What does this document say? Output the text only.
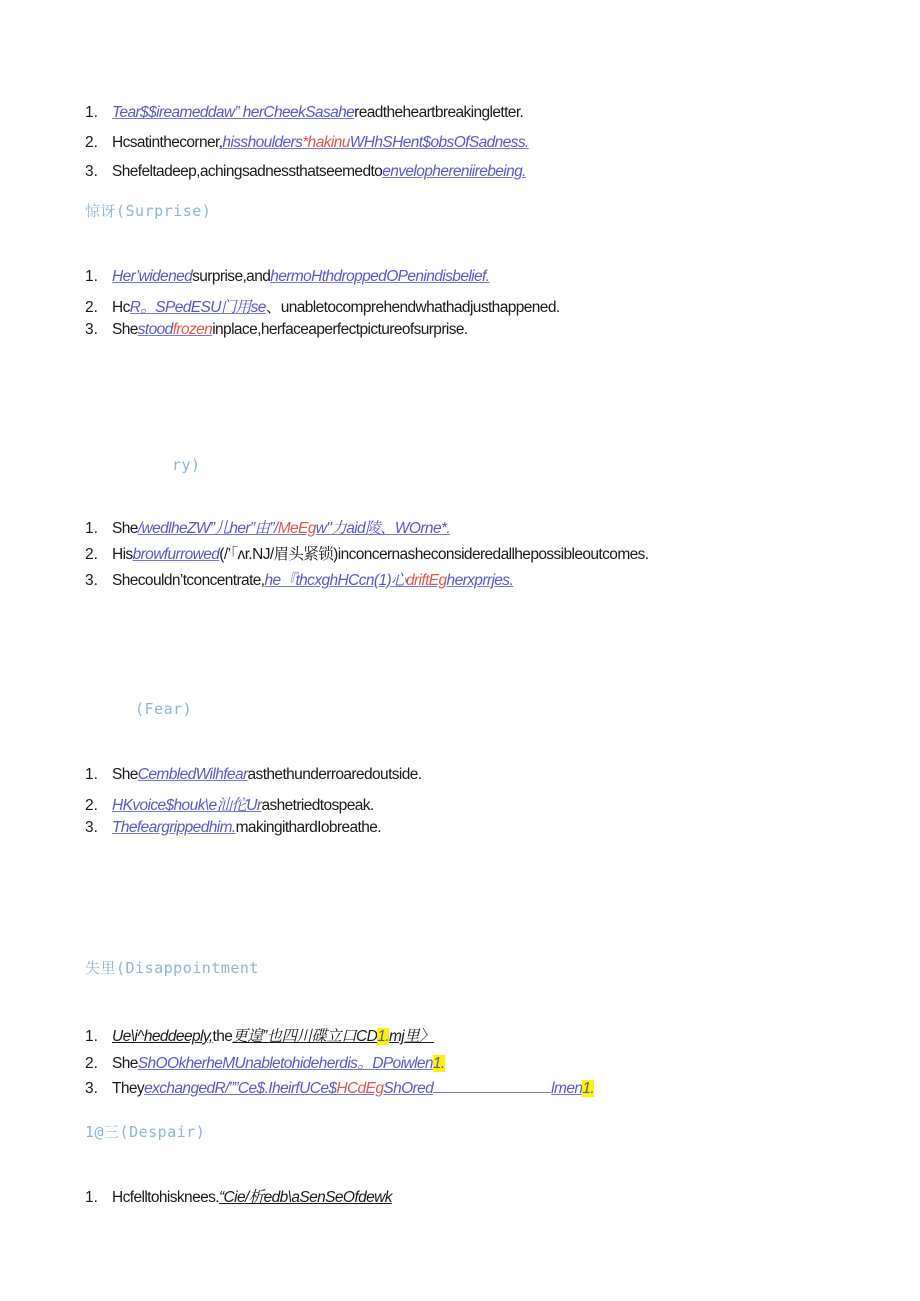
1. Tear$$ireameddaw” herCheekSasahereadtheheartbreakingletter.
2. Hcsatinthecorner,hisshoulders*hakinuWHhSHent$obsOfSadness.
3. Shefeltadeep,achingsadnessthatseemedtoenvelophereniirebeing.
惊讶(Surprise)
1. Her’widenedsurprise,andhermoHthdroppedOPenindisbelief.
2. HcR。SPedESU门用se、unabletocomprehendwhathadjusthappened.
3. Shestoodfrozeninplace,herfaceaperfectpictureofsurprise.
ry)
1. She/wedlheZW”儿her”由”/MeEgw"力aid陵、WOrne*.
2. Hisbrowfurrowed(/’「ʌr.NJ/眉头紧锁)inconcernasheconsideredallhepossibleoutcomes.
3. Shecouldn’tconcentrate,he『thcxghHCcn(1)心driftEgherxprrjes.
(Fear)
1. SheCembledWilhfearasthethunderroaredoutside.
2. HKvoice$houk\e汕佗Urashetriedtospeak.
3. Thefeargrippedhim.makingithardIobreathe.
失里(Disappointment
1. Ue\i^heddeeply,the更遑”也四川碟立口CD1.mj里〉
2. SheShOOkherheMUnabletohideherdis。DPoiwlen1.
3. TheyexchangedR/””Ce$.IheirfUCe$HCdEgShOred	lmen1.
1@三(Despair)
1. Hcfelltohisknees.“Cie/析edb\aSenSeOfdewk
